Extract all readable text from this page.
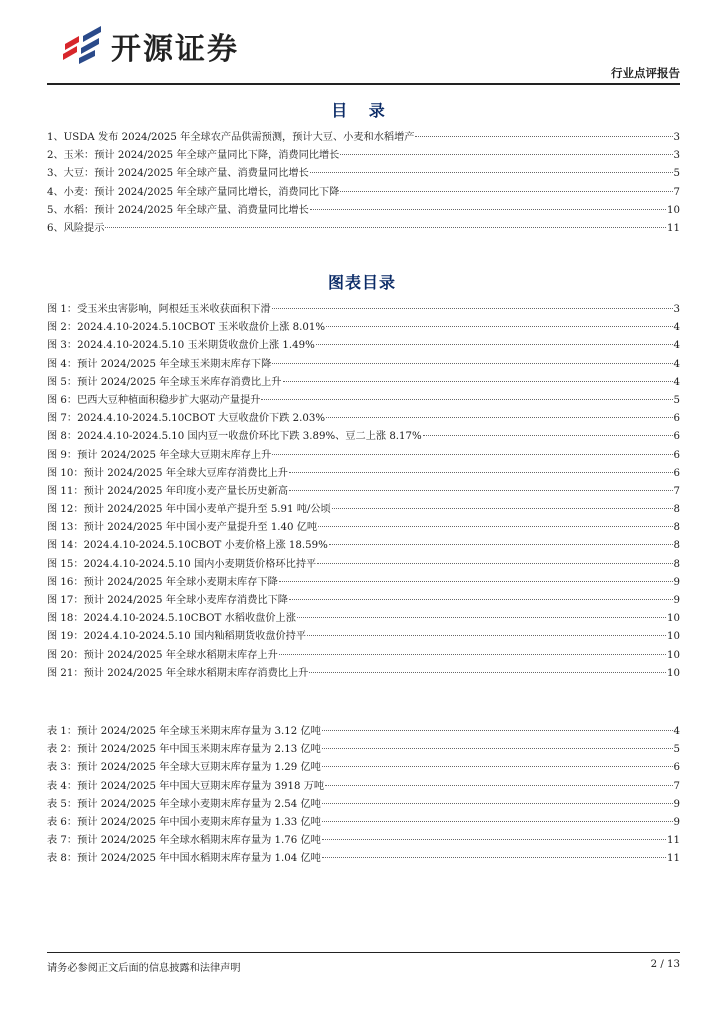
开源证券
行业点评报告
目 录
1、 USDA 发布 2024/2025 年全球农产品供需预测，预计大豆、小麦和水稻增产	3
2、 玉米：预计 2024/2025 年全球产量同比下降，消费同比增长	3
3、 大豆：预计 2024/2025 年全球产量、消费量同比增长	5
4、 小麦：预计 2024/2025 年全球产量同比增长，消费同比下降	7
5、 水稻：预计 2024/2025 年全球产量、消费量同比增长	10
6、 风险提示	11
图表目录
图 1： 受玉米虫害影响，阿根廷玉米收获面积下滑	3
图 2： 2024.4.10-2024.5.10CBOT 玉米收盘价上涨 8.01%	4
图 3： 2024.4.10-2024.5.10 玉米期货收盘价上涨 1.49%	4
图 4： 预计 2024/2025 年全球玉米期末库存下降	4
图 5： 预计 2024/2025 年全球玉米库存消费比上升	4
图 6： 巴西大豆种植面积稳步扩大驱动产量提升	5
图 7： 2024.4.10-2024.5.10CBOT 大豆收盘价下跌 2.03%	6
图 8： 2024.4.10-2024.5.10 国内豆一收盘价环比下跌 3.89%、豆二上涨 8.17%	6
图 9： 预计 2024/2025 年全球大豆期末库存上升	6
图 10： 预计 2024/2025 年全球大豆库存消费比上升	6
图 11： 预计 2024/2025 年印度小麦产量长历史新高	7
图 12： 预计 2024/2025 年中国小麦单产提升至 5.91 吨/公顷	8
图 13： 预计 2024/2025 年中国小麦产量提升至 1.40 亿吨	8
图 14： 2024.4.10-2024.5.10CBOT 小麦价格上涨 18.59%	8
图 15： 2024.4.10-2024.5.10 国内小麦期货价格环比持平	8
图 16： 预计 2024/2025 年全球小麦期末库存下降	9
图 17： 预计 2024/2025 年全球小麦库存消费比下降	9
图 18： 2024.4.10-2024.5.10CBOT 水稻收盘价上涨	10
图 19： 2024.4.10-2024.5.10 国内籼稻期货收盘价持平	10
图 20： 预计 2024/2025 年全球水稻期末库存上升	10
图 21： 预计 2024/2025 年全球水稻期末库存消费比上升	10
表 1： 预计 2024/2025 年全球玉米期末库存量为 3.12 亿吨	4
表 2： 预计 2024/2025 年中国玉米期末库存量为 2.13 亿吨	5
表 3： 预计 2024/2025 年全球大豆期末库存量为 1.29 亿吨	6
表 4： 预计 2024/2025 年中国大豆期末库存量为 3918 万吨	7
表 5： 预计 2024/2025 年全球小麦期末库存量为 2.54 亿吨	9
表 6： 预计 2024/2025 年中国小麦期末库存量为 1.33 亿吨	9
表 7： 预计 2024/2025 年全球水稻期末库存量为 1.76 亿吨	11
表 8： 预计 2024/2025 年中国水稻期末库存量为 1.04 亿吨	11
请务必参阅正文后面的信息披露和法律声明	2 / 13
